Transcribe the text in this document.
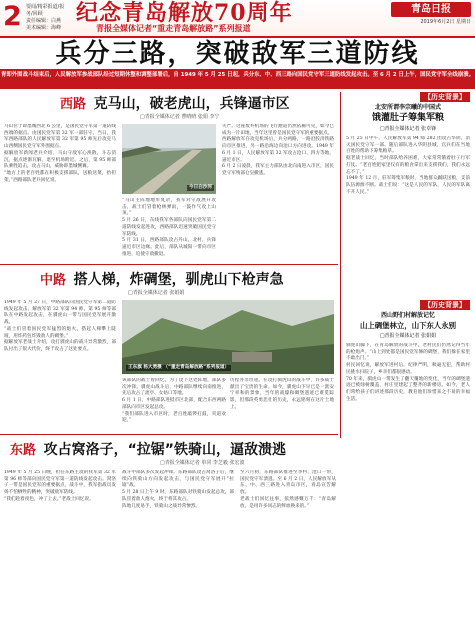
2 要闻/精彩报道/报务/回顾
责任编辑：白燕
美术编辑：海峰
纪念青岛解放70周年
青报全媒体记者“重走青岛解放路”系列报道
青岛日报
2019年6月2日 星期日
兵分三路，突破敌军三道防线
青即外围战斗结束后，人民解放军参战部队经过短期休整和调整部署后，自 1949 年 5 月 25 日起，兵分东、中、西三路向国民党守军三道防线发起攻击。至 6 月 2 日上午，国民党守军全线崩溃。
西路 克马山，破老虎山，兵锋逼市区
□青报全媒体记者 曹晴晴 张娟 李宁
马山位于即墨城西北 6 公里，是国民党守军第一道防线西端的据点。由国民党军第 32 军一部驻守。当日，我军西路部队的人民解放军第 32 军第 95 师先后攻克马山西侧国民党守军外围据点。
据解放军新闻老兵介绍，马山守敌军心涣散，斗志消沉，据点逐渐瓦解，退至机场附近。之后，第 95 师部队乘胜追击，攻占马山，威胁即墨城侧翼。
“地方上的老百姓都在积极支援部队，送粮送菜，抬担架，”西路部队老兵回忆说。
今日白沙河
“马山主阵地地形复杂，我军对守敌展开攻击，战士们冒着枪林弹雨，一鼓作气攻上山顶。”
5 月 26 日，东线我军各部队向国民党军第二道防线发起进攻，西路部队迅速突破国民党守军防线。
5 月 31 日，西路部队攻占丹山、北村，兵锋逼近市区边缘。此后，部队从城阳一带向市区推进，迫使守敌撤退。
失严。这座废弃机场的飞行跑道仍然依稀可见，如今已成为一片田地，当年这里曾是国民党守军的重要据点。
西路解放军在攻克机场后，兵分两路，一路沿胶济铁路向市区推进，另一路沿海边向沧口方向进攻。1949 年 6 月 1 日，人民解放军第 32 军攻占沧口、四方等地，逼近市区。
6 月 2 日凌晨，我军主力部队由北向南进入市区，国民党守军残部仓皇撤逃。
中路 搭人梯，炸碉堡，驯虎山下枪声急
□青报全媒体记者 张娟娟
1949 年 5 月 27 日，中路部队向国民党守军第二道防线发起攻击。解放军第 32 军第 94 师、第 95 师等部队在中路发起攻击，在驯虎山一带与国民党军展开激战。
“战士们冒着国民党军猛烈的炮火，搭起人梯攀上陡坡，用炸药包炸毁敌人的碉堡。”
据解放军老战士介绍，攻打驯虎山的战斗异常激烈，部队付出了很大代价，终于攻占了这处要点。
王东旗 杨大勇摄 （“重走青岛解放路”系列报道）
该部队的战士曾回忆，为了攻下这处阵地，部队多次冲锋。驯虎山战斗后，中路部队继续向南推进，先后攻占了流亭、女姑口等地。
6 月 1 日，中路部队进抵市区北部，配合东西两路部队向市区发起总攻。
“我们部队进入市区时，老百姓敲锣打鼓，夹道欢迎。”
历程并非坦途。在攻打驯虎山的战斗中，许多战士献出了宝贵的生命。如今，驯虎山下早已是一派安宁祥和的景象，当年的战壕和碉堡遗迹已难觅踪影，但那段英勇悲壮的历史，永远铭刻在这片土地上。
东路 攻占窝洛子，“拉锯”铁骑山，逼敌溃逃
□青报全媒体记者 单同 李芝毅 张宏波
1949 年 5 月 25 日晚，担任东路主攻的我军第 32 军第 96 师等部向国民党守军第一道防线发起攻击。窝洛子一带是国民党军的重要据点，战斗中，我军指战员发扬不怕牺牲的精神，突破敌军防线。
“我们趁着夜色，冲了上去。”老战士回忆说。
战斗中部队多次发起冲锋。东路部队攻占窝洛子后，继续向铁骑山方向发起攻击，与国民党守军展开“拉锯”战。
5 月 28 日上午 9 时，东路部队对铁骑山发起总攻，部队冒着敌人炮火，终于将其攻占。
阵地几度易手，铁骑山之战异常惨烈。
至六月初，东路部队推进至李村、沧口一带，国民党守军溃逃。至 6 月 2 日，人民解放军从东、中、西三路进入青岛市区，青岛宣告解放。
老战士们回忆往事，依然感慨万千：“青岛解放，是用许多同志的鲜血换来的。”
【历史背景】
北安所谓李宗曦的中国式
饿灌肚子筹集军粮
□青报全媒体记者 张卓锋
5 月 25 日中午，人民解放军第 94 师 282 团攻占华阴，消灭国民党守军一部。随后部队进入华阴县城，官兵们在当地百姓的帮助下筹集粮草。
据老战士回忆，当时部队给养困难，大家常常饿着肚子行军打仗。“老百姓把家里仅有的粮食拿出来支援我们，我们永远忘不了。”
1949 年 12 月，驻军筹集军粮时，当地群众踊跃送粮，支前队伍源源不断。战士们说：“这是人民的军队，人民的军队离不开人民。”
【历史背景】
西山野们村解放记忆
山上碉堡林立，山下东人永别
□青报全媒体记者 张娟娟
驯虎山脚下，在青岛解放的战斗中，老村民们仍然记得当年的枪炮声。“山上到处都是国民党军修的碉堡，我们躲在家里不敢出门。”
村民回忆说，解放军进村后，纪律严明，秋毫无犯，帮助村民挑水扫院子，乡亲们都很感动。
70 年来，驯虎山一带发生了翻天覆地的变化，当年的碉堡遗迹已被绿树覆盖，村庄里建起了整齐的新楼房。如今，老人们常给孩子们讲述那段历史，教育他们珍惜来之不易的幸福生活。
